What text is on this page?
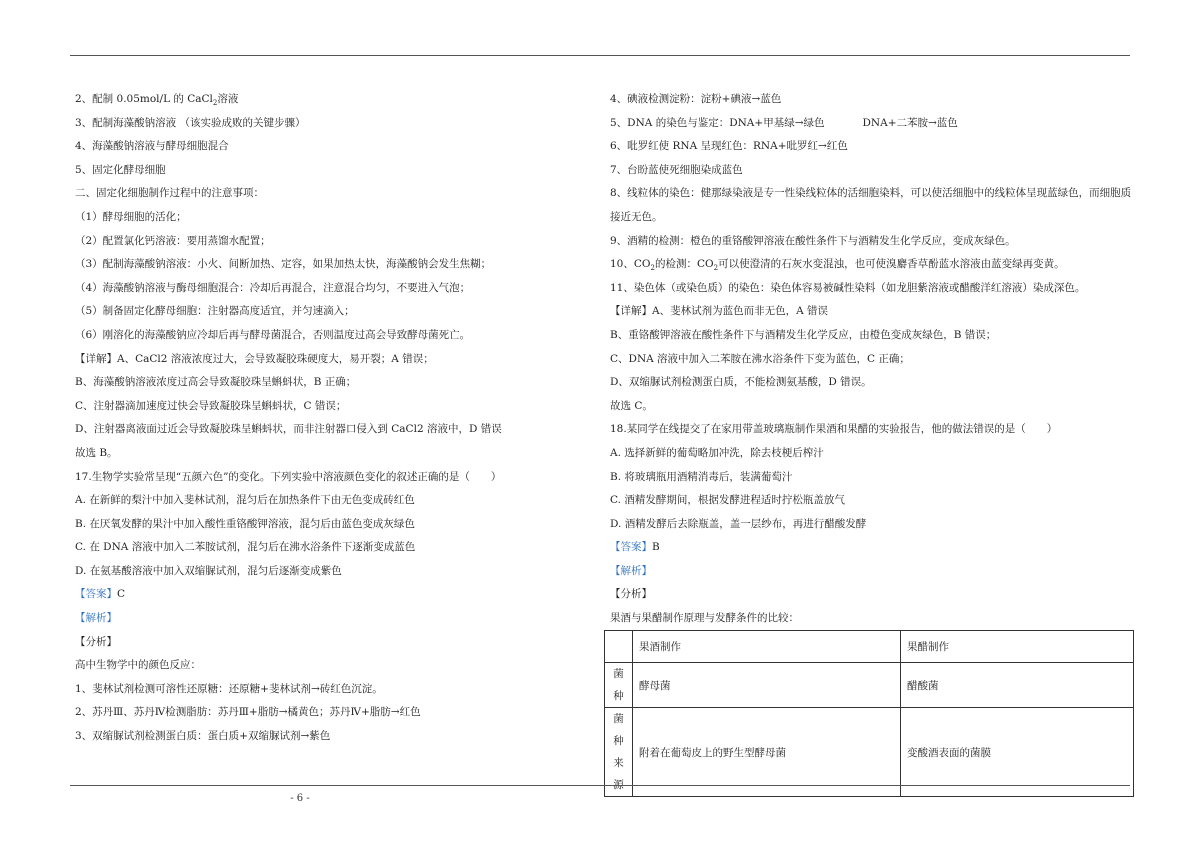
2、配制 0.05mol/L 的 CaCl$_2$溶液
3、配制海藻酸钠溶液 （该实验成败的关键步骤）
4、海藻酸钠溶液与酵母细胞混合
5、固定化酵母细胞
二、固定化细胞制作过程中的注意事项：
（1）酵母细胞的活化；
（2）配置氯化钙溶液：要用蒸馏水配置；
（3）配制海藻酸钠溶液：小火、间断加热、定容，如果加热太快，海藻酸钠会发生焦糊；
（4）海藻酸钠溶液与酶母细胞混合：冷却后再混合，注意混合均匀，不要进入气泡；
（5）制备固定化酵母细胞：注射器高度适宜，并匀速滴入；
（6）刚溶化的海藻酸钠应冷却后再与酵母菌混合，否则温度过高会导致酵母菌死亡。
【详解】A、CaCl2 溶液浓度过大，会导致凝胶珠硬度大，易开裂；A 错误；
B、海藻酸钠溶液浓度过高会导致凝胶珠呈蝌蚪状，B 正确；
C、注射器滴加速度过快会导致凝胶珠呈蝌蚪状，C 错误；
D、注射器离液面过近会导致凝胶珠呈蝌蚪状，而非注射器口侵入到 CaCl2 溶液中，D 错误
故选 B。
17.生物学实验常呈现“五颜六色”的变化。下列实验中溶液颜色变化的叙述正确的是（　　）
A. 在新鲜的梨汁中加入斐林试剂，混匀后在加热条件下由无色变成砖红色
B. 在厌氧发酵的果汁中加入酸性重铬酸钾溶液，混匀后由蓝色变成灰绿色
C. 在 DNA 溶液中加入二苯胺试剂，混匀后在沸水浴条件下逐渐变成蓝色
D. 在氨基酸溶液中加入双缩脲试剂，混匀后逐渐变成紫色
【答案】C
【解析】
【分析】
高中生物学中的颜色反应：
1、斐林试剂检测可溶性还原糖：还原糖+斐林试剂→砖红色沉淀。
2、苏丹Ⅲ、苏丹Ⅳ检测脂肪：苏丹Ⅲ+脂肪→橘黄色；苏丹Ⅳ+脂肪→红色
3、双缩脲试剂检测蛋白质：蛋白质+双缩脲试剂→紫色
4、碘液检测淀粉：淀粉+碘液→蓝色
5、DNA 的染色与鉴定：DNA+甲基绿→绿色	DNA+二苯胺→蓝色
6、吡罗红使 RNA 呈现红色：RNA+吡罗红→红色
7、台盼蓝使死细胞染成蓝色
8、线粒体的染色：健那绿染液是专一性染线粒体的活细胞染料，可以使活细胞中的线粒体呈现蓝绿色，而细胞质接近无色。
9、酒精的检测：橙色的重铬酸钾溶液在酸性条件下与酒精发生化学反应，变成灰绿色。
10、$CO_2$的检测：$CO_2$可以使澄清的石灰水变混浊，也可使溴麝香草酚蓝水溶液由蓝变绿再变黄。
11、染色体（或染色质）的染色：染色体容易被碱性染料（如龙胆紫溶液或醋酸洋红溶液）染成深色。
【详解】A、斐林试剂为蓝色而非无色，A 错误
B、重铬酸钾溶液在酸性条件下与酒精发生化学反应，由橙色变成灰绿色，B 错误；
C、DNA 溶液中加入二苯胺在沸水浴条件下变为蓝色，C 正确；
D、双缩脲试剂检测蛋白质，不能检测氨基酸，D 错误。
故选 C。
18.某同学在线提交了在家用带盖玻璃瓶制作果酒和果醋的实验报告，他的做法错误的是（　　）
A. 选择新鲜的葡萄略加冲洗，除去枝梗后榨汁
B. 将玻璃瓶用酒精消毒后，装满葡萄汁
C. 酒精发酵期间，根据发酵进程适时拧松瓶盖放气
D. 酒精发酵后去除瓶盖，盖一层纱布，再进行醋酸发酵
【答案】B
【解析】
【分析】
果酒与果醋制作原理与发酵条件的比较：
	果酒制作	果醋制作
菌种	酵母菌	醋酸菌
菌 种 来源	附着在葡萄皮上的野生型酵母菌	变酸酒表面的菌膜
- 6 -
